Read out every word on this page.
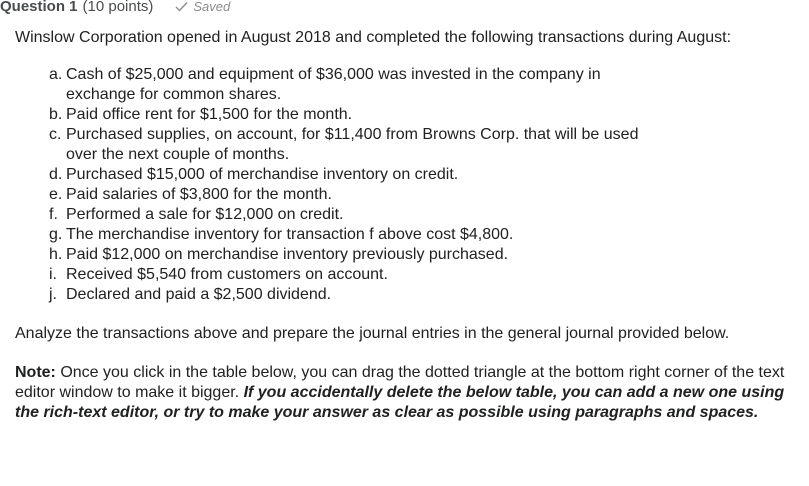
Question 1 (10 points)	Saved

Winslow Corporation opened in August 2018 and completed the following transactions during August:

a. Cash of $25,000 and equipment of $36,000 was invested in the company in exchange for common shares.
b. Paid office rent for $1,500 for the month.
c. Purchased supplies, on account, for $11,400 from Browns Corp. that will be used over the next couple of months.
d. Purchased $15,000 of merchandise inventory on credit.
e. Paid salaries of $3,800 for the month.
f. Performed a sale for $12,000 on credit.
g. The merchandise inventory for transaction f above cost $4,800.
h. Paid $12,000 on merchandise inventory previously purchased.
i. Received $5,540 from customers on account.
j. Declared and paid a $2,500 dividend.

Analyze the transactions above and prepare the journal entries in the general journal provided below.

Note: Once you click in the table below, you can drag the dotted triangle at the bottom right corner of the text editor window to make it bigger. If you accidentally delete the below table, you can add a new one using the rich-text editor, or try to make your answer as clear as possible using paragraphs and spaces.
